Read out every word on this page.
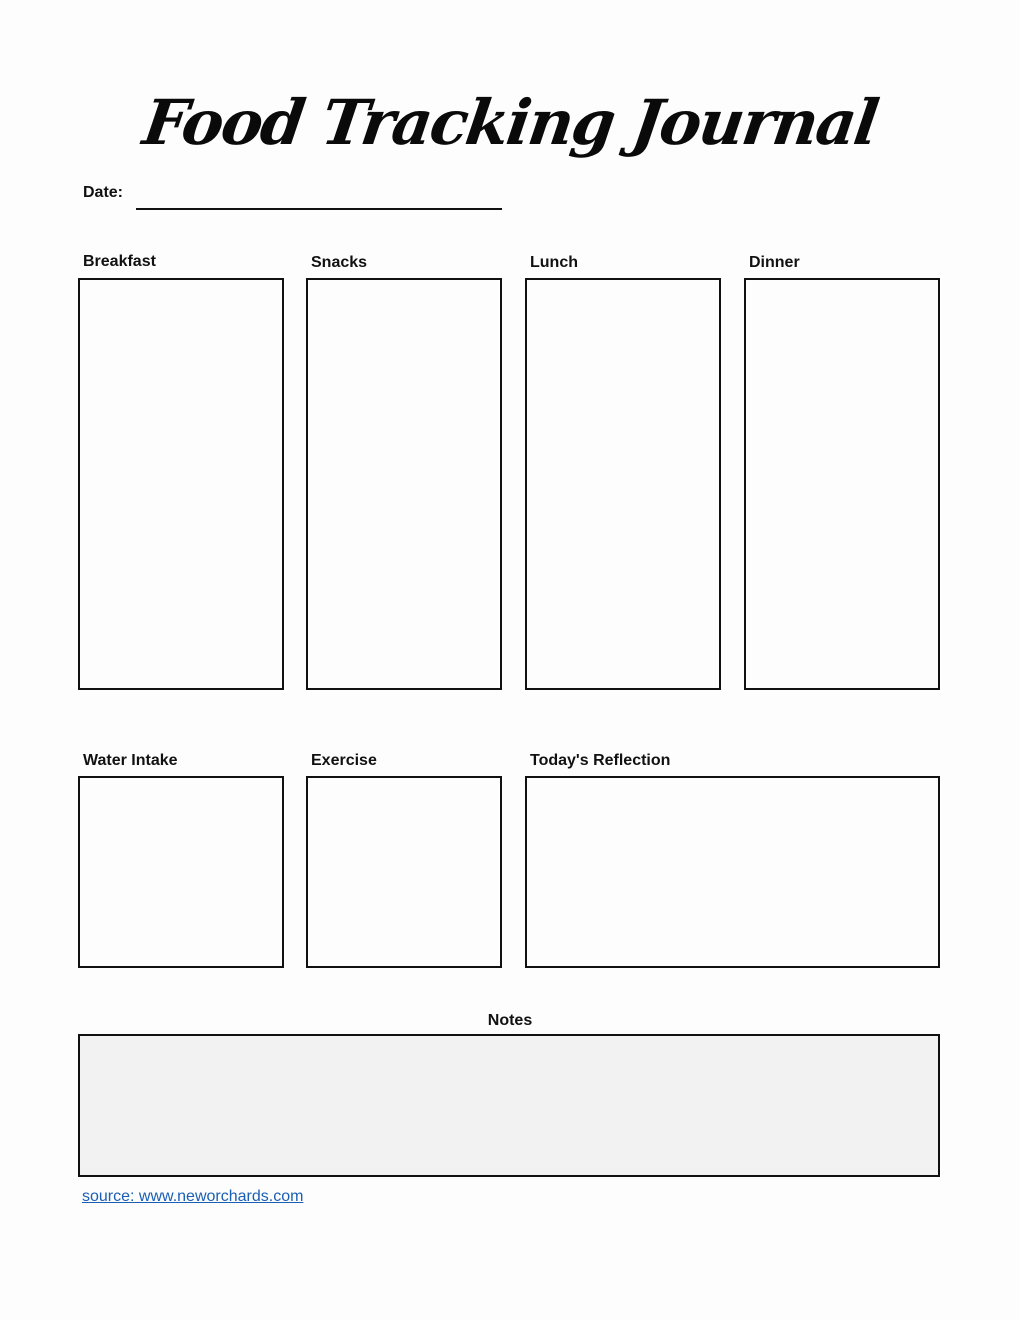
Food Tracking Journal
Date:
Breakfast	Snacks	Lunch	Dinner
Water Intake	Exercise	Today's Reflection
Notes
source: www.neworchards.com
